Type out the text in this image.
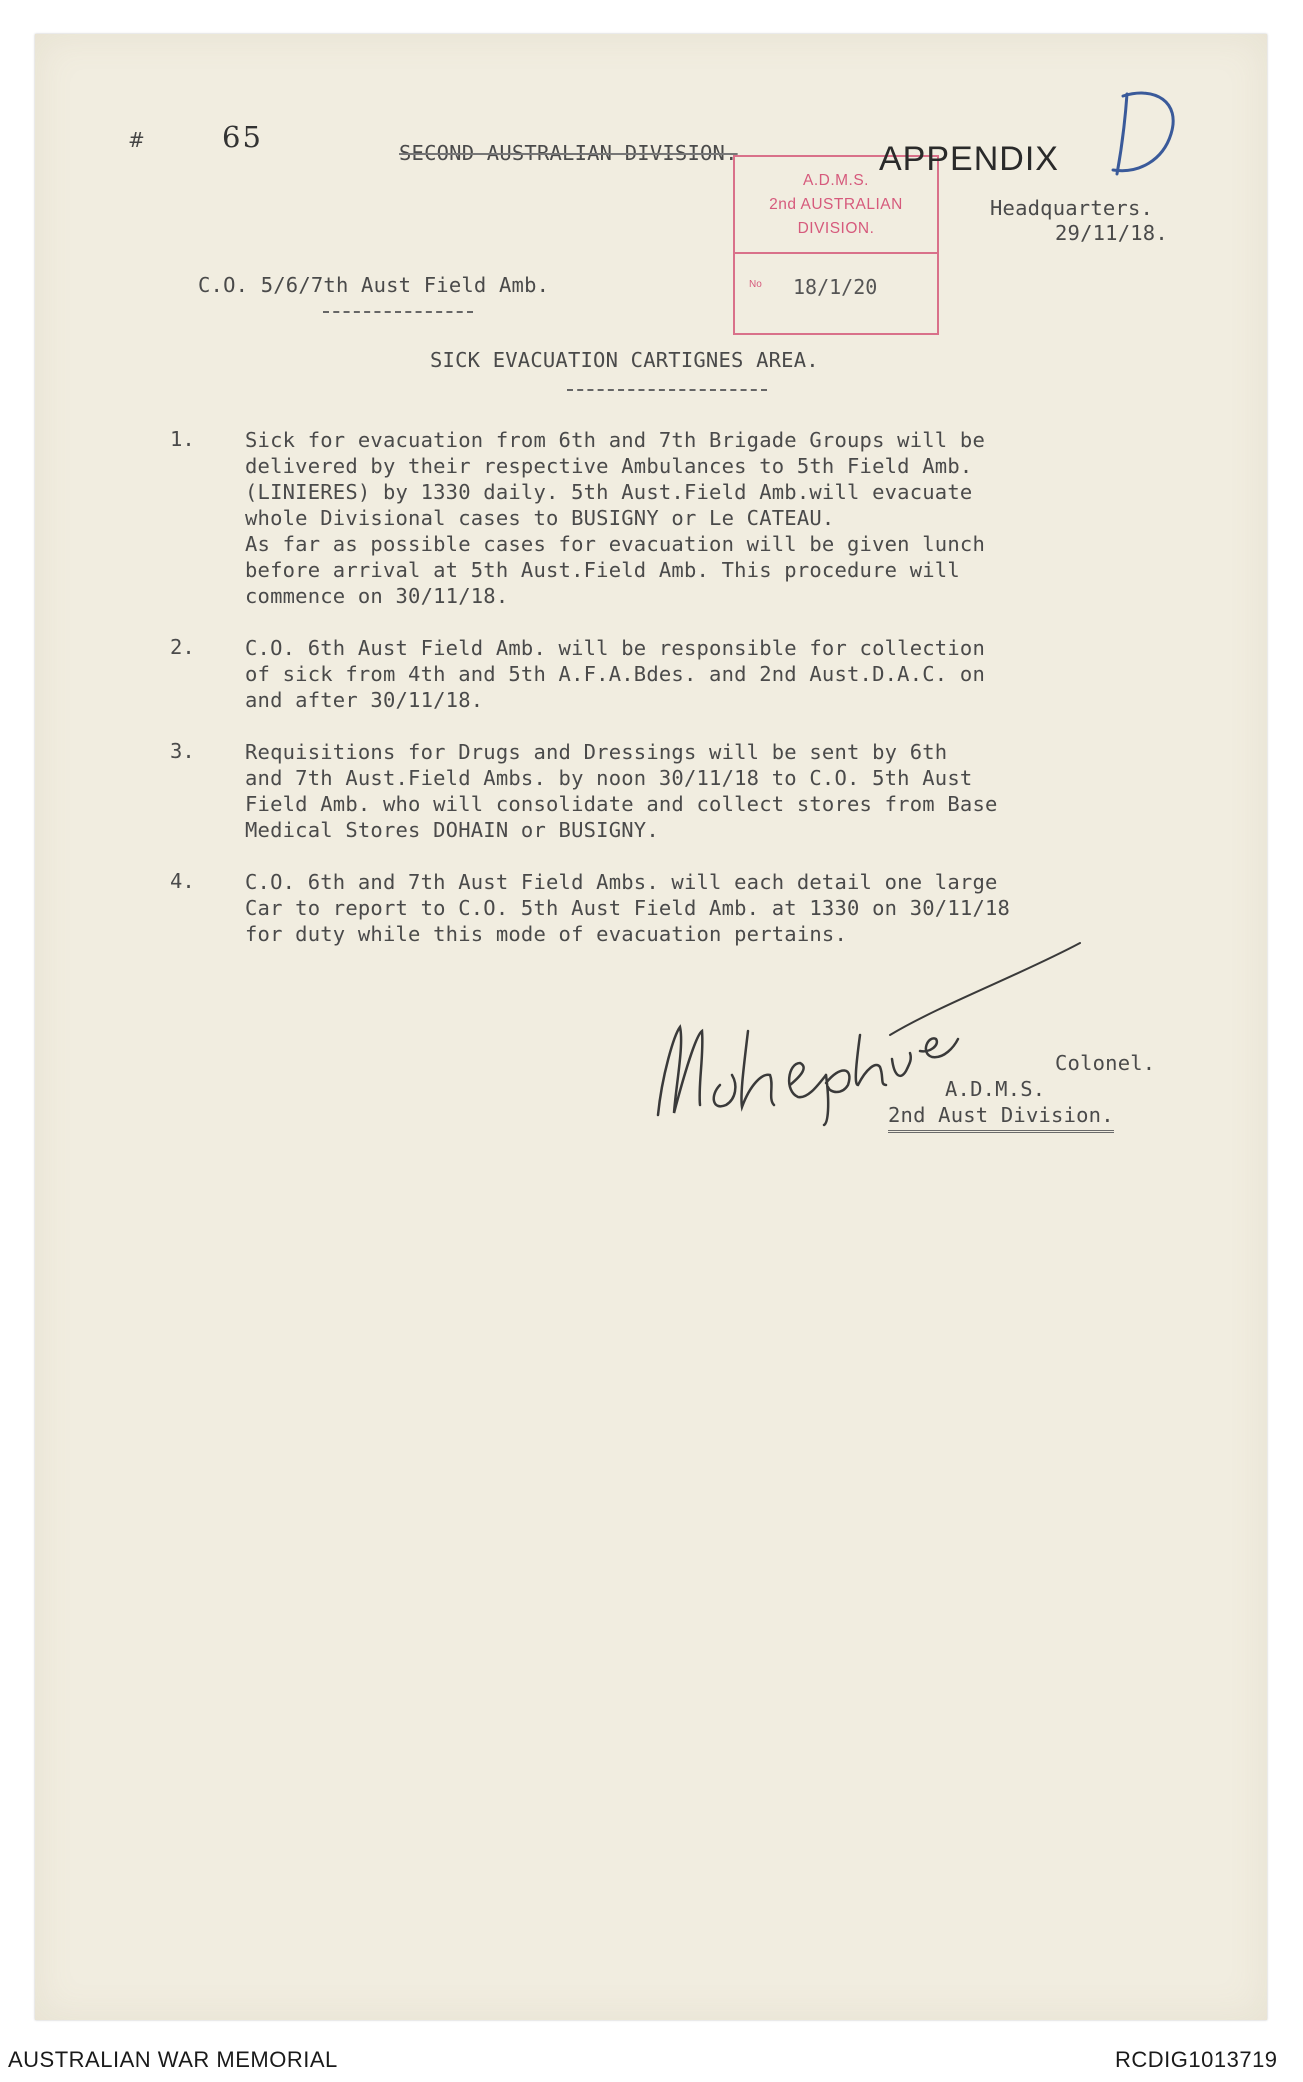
#	65	SECOND AUSTRALIAN DIVISION.
Headquarters.
29/11/18.
A.D.M.S.
2nd AUSTRALIAN
DIVISION.
No 18/1/20
APPENDIX
C.O. 5/6/7th Aust Field Amb.
SICK EVACUATION CARTIGNES AREA.
1. Sick for evacuation from 6th and 7th Brigade Groups will be
delivered by their respective Ambulances to 5th Field Amb.
(LINIERES) by 1330 daily. 5th Aust.Field Amb.will evacuate
whole Divisional cases to BUSIGNY or Le CATEAU.
As far as possible cases for evacuation will be given lunch
before arrival at 5th Aust.Field Amb. This procedure will
commence on 30/11/18.
2. C.O. 6th Aust Field Amb. will be responsible for collection
of sick from 4th and 5th A.F.A.Bdes. and 2nd Aust.D.A.C. on
and after 30/11/18.
3. Requisitions for Drugs and Dressings will be sent by 6th
and 7th Aust.Field Ambs. by noon 30/11/18 to C.O. 5th Aust
Field Amb. who will consolidate and collect stores from Base
Medical Stores DOHAIN or BUSIGNY.
4. C.O. 6th and 7th Aust Field Ambs. will each detail one large
Car to report to C.O. 5th Aust Field Amb. at 1330 on 30/11/18
for duty while this mode of evacuation pertains.
Colonel.
A.D.M.S.
2nd Aust Division.
AUSTRALIAN WAR MEMORIAL	RCDIG1013719
